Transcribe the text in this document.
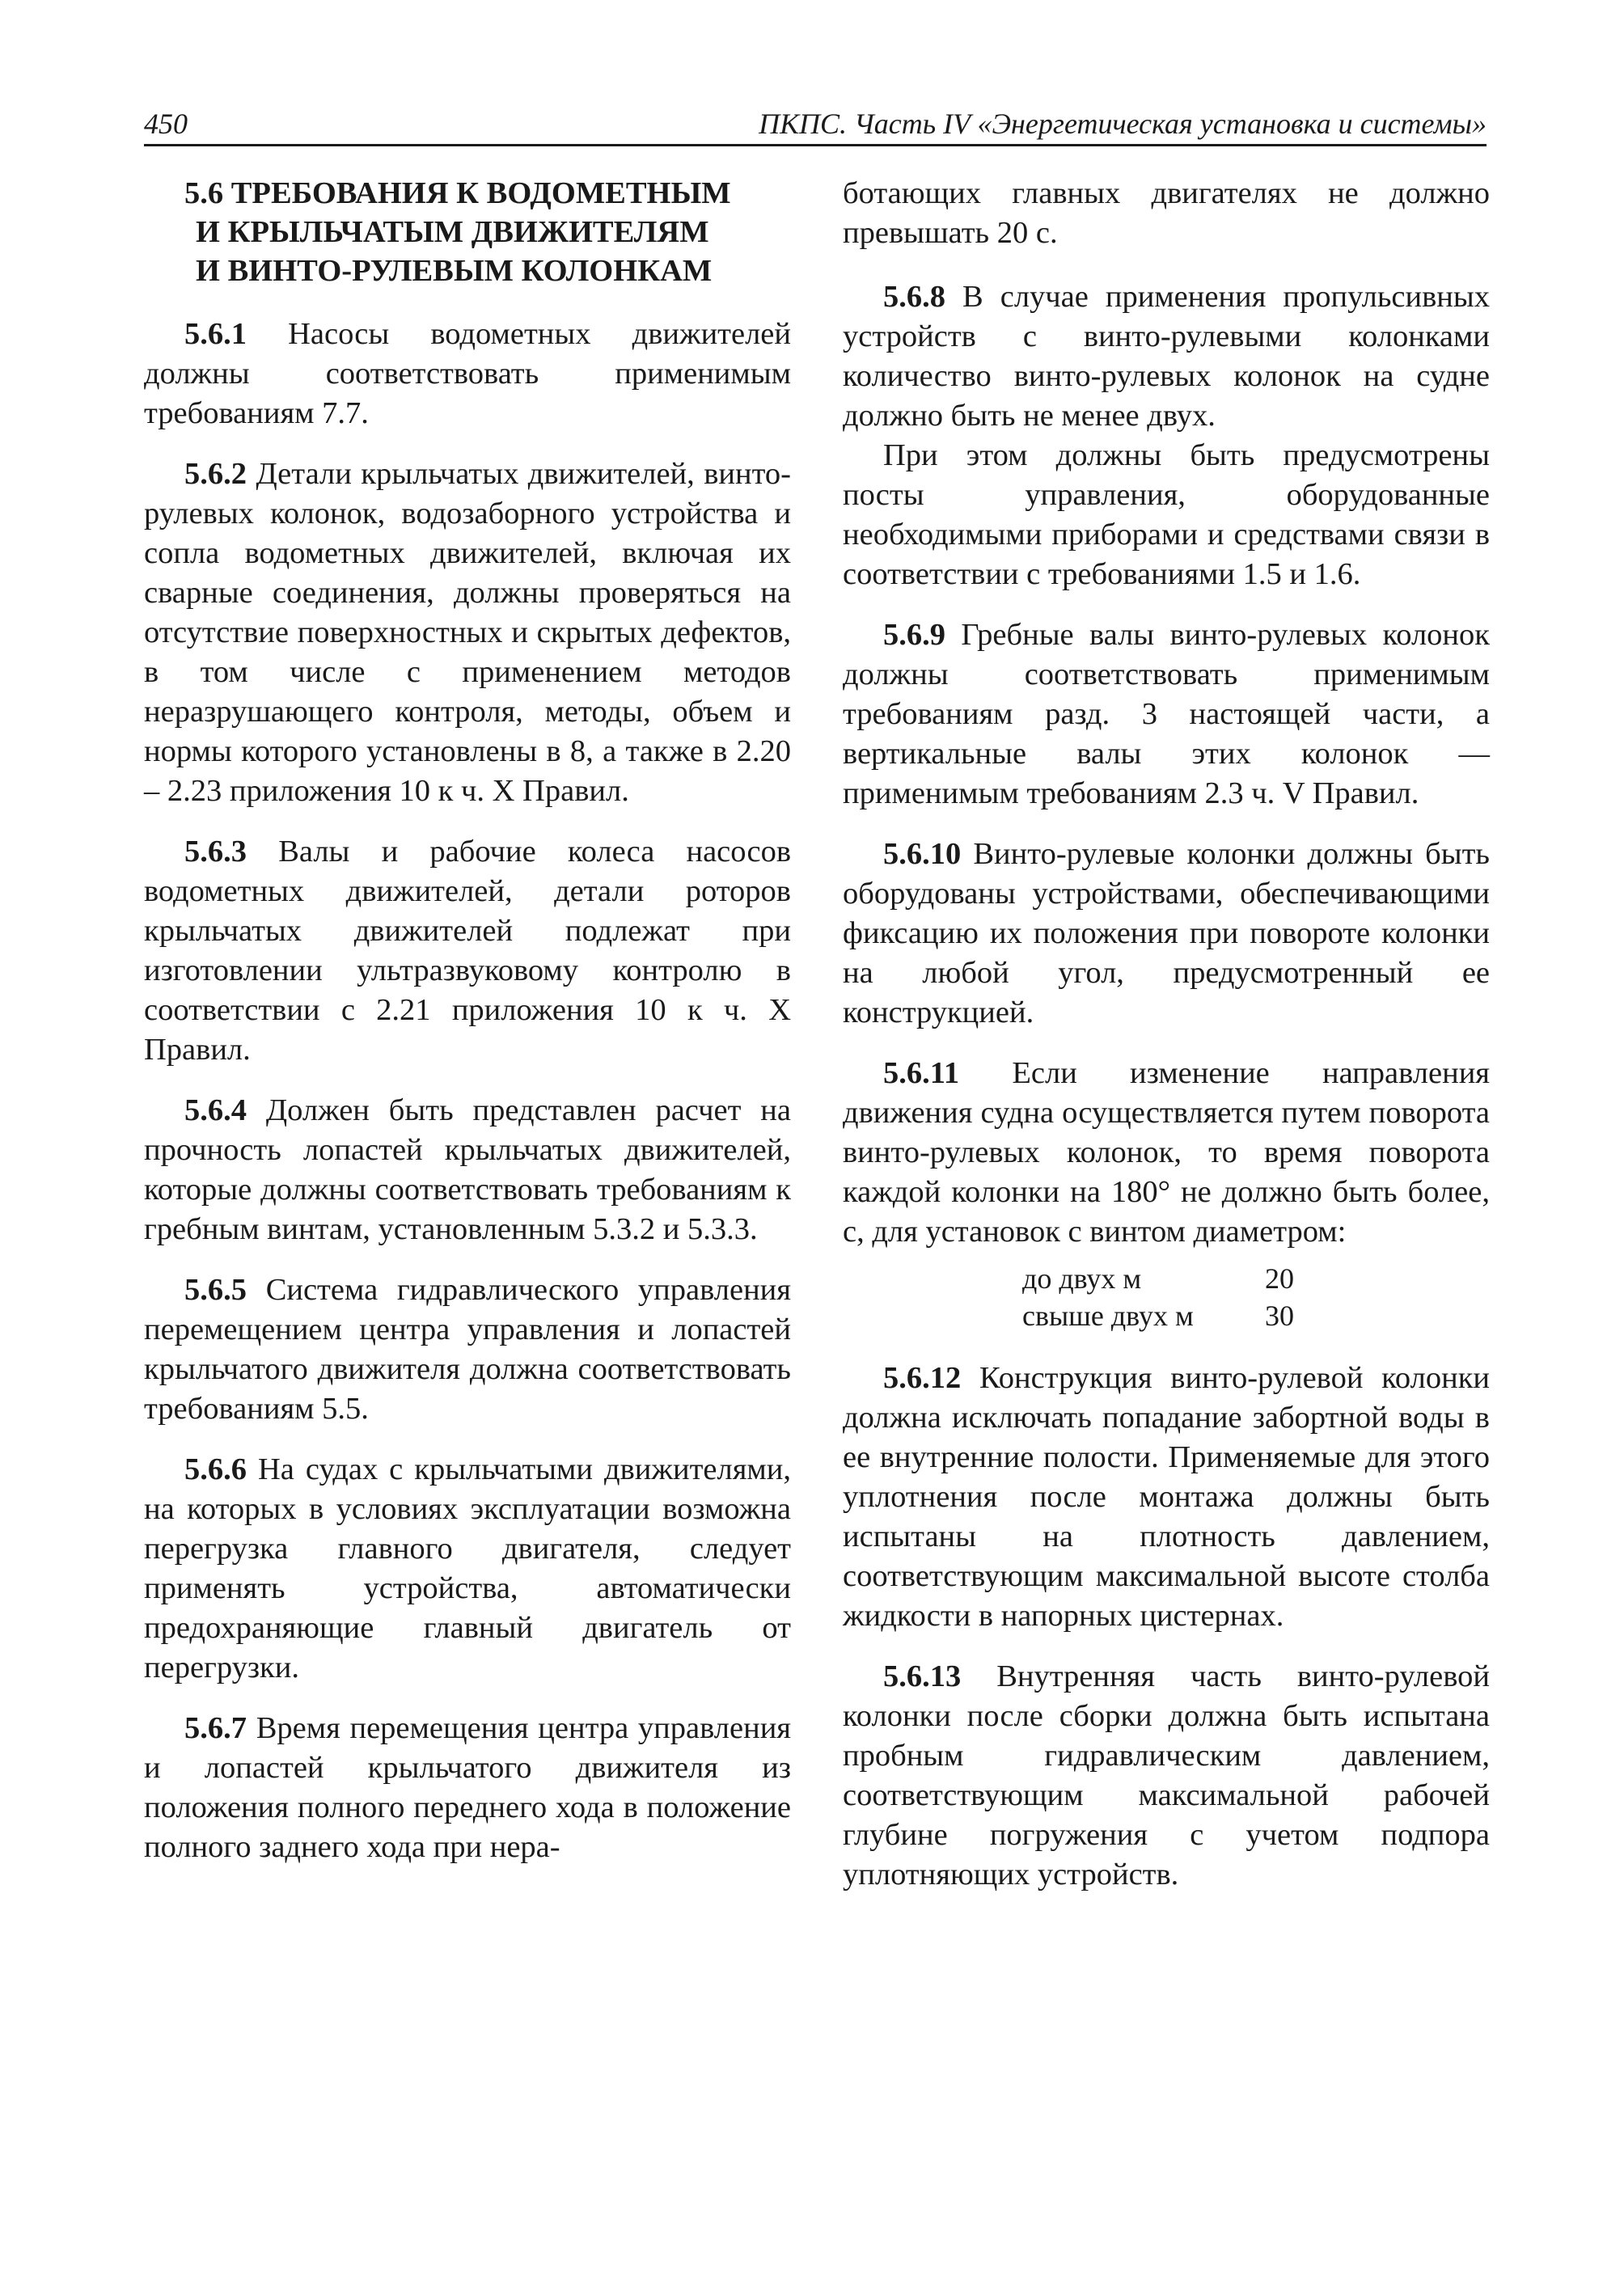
450	ПКПС. Часть IV «Энергетическая установка и системы»
5.6 ТРЕБОВАНИЯ К ВОДОМЕТНЫМ
И КРЫЛЬЧАТЫМ ДВИЖИТЕЛЯМ
И ВИНТО-РУЛЕВЫМ КОЛОНКАМ

5.6.1 Насосы водометных движителей должны соответствовать применимым требованиям 7.7.

5.6.2 Детали крыльчатых движителей, винто-рулевых колонок, водозаборного устройства и сопла водометных движителей, включая их сварные соединения, должны проверяться на отсутствие поверхностных и скрытых дефектов, в том числе с применением методов неразрушающего контроля, методы, объем и нормы которого установлены в 8, а также в 2.20 – 2.23 приложения 10 к ч. X Правил.

5.6.3 Валы и рабочие колеса насосов водометных движителей, детали роторов крыльчатых движителей подлежат при изготовлении ультразвуковому контролю в соответствии с 2.21 приложения 10 к ч. X Правил.

5.6.4 Должен быть представлен расчет на прочность лопастей крыльчатых движителей, которые должны соответствовать требованиям к гребным винтам, установленным 5.3.2 и 5.3.3.

5.6.5 Система гидравлического управления перемещением центра управления и лопастей крыльчатого движителя должна соответствовать требованиям 5.5.

5.6.6 На судах с крыльчатыми движителями, на которых в условиях эксплуатации возможна перегрузка главного двигателя, следует применять устройства, автоматически предохраняющие главный двигатель от перегрузки.

5.6.7 Время перемещения центра управления и лопастей крыльчатого движителя из положения полного переднего хода в положение полного заднего хода при нера-

ботающих главных двигателях не должно превышать 20 с.

5.6.8 В случае применения пропульсивных устройств с винто-рулевыми колонками количество винто-рулевых колонок на судне должно быть не менее двух.

При этом должны быть предусмотрены посты управления, оборудованные необходимыми приборами и средствами связи в соответствии с требованиями 1.5 и 1.6.

5.6.9 Гребные валы винто-рулевых колонок должны соответствовать применимым требованиям разд. 3 настоящей части, а вертикальные валы этих колонок — применимым требованиям 2.3 ч. V Правил.

5.6.10 Винто-рулевые колонки должны быть оборудованы устройствами, обеспечивающими фиксацию их положения при повороте колонки на любой угол, предусмотренный ее конструкцией.

5.6.11 Если изменение направления движения судна осуществляется путем поворота винто-рулевых колонок, то время поворота каждой колонки на 180° не должно быть более, с, для установок с винтом диаметром:

до двух м	20
свыше двух м	30

5.6.12 Конструкция винто-рулевой колонки должна исключать попадание забортной воды в ее внутренние полости. Применяемые для этого уплотнения после монтажа должны быть испытаны на плотность давлением, соответствующим максимальной высоте столба жидкости в напорных цистернах.

5.6.13 Внутренняя часть винто-рулевой колонки после сборки должна быть испытана пробным гидравлическим давлением, соответствующим максимальной рабочей глубине погружения с учетом подпора уплотняющих устройств.
